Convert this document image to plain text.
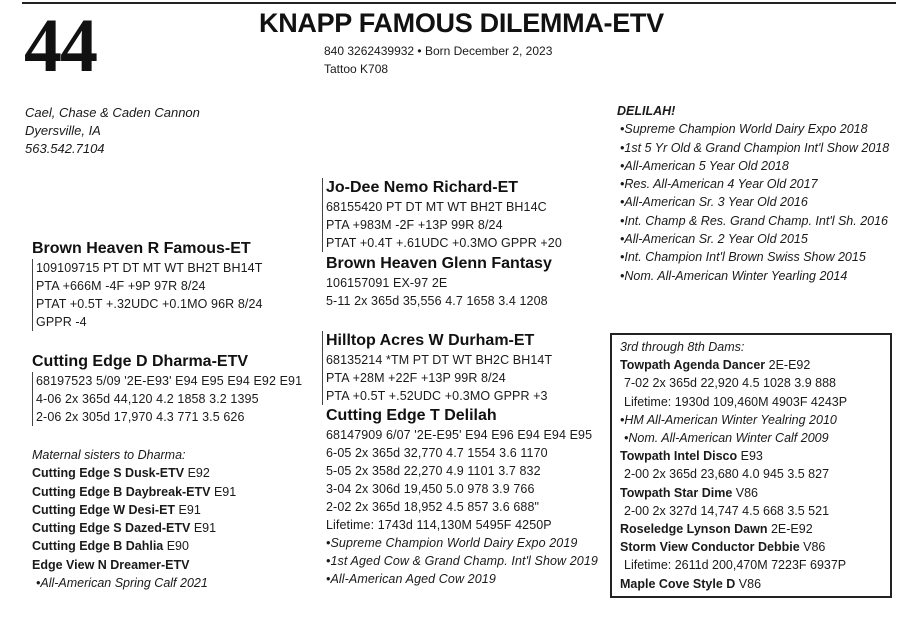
44	KNAPP FAMOUS DILEMMA-ETV
840 3262439932 • Born December 2, 2023
Tattoo K708
Cael, Chase & Caden Cannon
Dyersville, IA
563.542.7104
Brown Heaven R Famous-ET
109109715 PT DT MT WT BH2T BH14T
PTA +666M -4F +9P 97R 8/24
PTAT +0.5T +.32UDC +0.1MO 96R 8/24
GPPR -4
Cutting Edge D Dharma-ETV
68197523 5/09 '2E-E93' E94 E95 E94 E92 E91
4-06 2x 365d 44,120 4.2 1858 3.2 1395
2-06 2x 305d 17,970 4.3 771 3.5 626
Maternal sisters to Dharma:
Cutting Edge S Dusk-ETV E92
Cutting Edge B Daybreak-ETV E91
Cutting Edge W Desi-ET E91
Cutting Edge S Dazed-ETV E91
Cutting Edge B Dahlia E90
Edge View N Dreamer-ETV
•All-American Spring Calf 2021
Jo-Dee Nemo Richard-ET
68155420 PT DT MT WT BH2T BH14C
PTA +983M -2F +13P 99R 8/24
PTAT +0.4T +.61UDC +0.3MO GPPR +20
Brown Heaven Glenn Fantasy
106157091 EX-97 2E
5-11 2x 365d 35,556 4.7 1658 3.4 1208
Hilltop Acres W Durham-ET
68135214 *TM PT DT WT BH2C BH14T
PTA +28M +22F +13P 99R 8/24
PTA +0.5T +.52UDC +0.3MO GPPR +3
Cutting Edge T Delilah
68147909 6/07 '2E-E95' E94 E96 E94 E94 E95
6-05 2x 365d 32,770 4.7 1554 3.6 1170
5-05 2x 358d 22,270 4.9 1101 3.7 832
3-04 2x 306d 19,450 5.0 978 3.9 766
2-02 2x 365d 18,952 4.5 857 3.6 688"
Lifetime: 1743d 114,130M 5495F 4250P
•Supreme Champion World Dairy Expo 2019
•1st Aged Cow & Grand Champ. Int'l Show 2019
•All-American Aged Cow 2019
DELILAH!
•Supreme Champion World Dairy Expo 2018
•1st 5 Yr Old & Grand Champion Int'l Show 2018
•All-American 5 Year Old 2018
•Res. All-American 4 Year Old 2017
•All-American Sr. 3 Year Old 2016
•Int. Champ & Res. Grand Champ. Int'l Sh. 2016
•All-American Sr. 2 Year Old 2015
•Int. Champion Int'l Brown Swiss Show 2015
•Nom. All-American Winter Yearling 2014
3rd through 8th Dams:
Towpath Agenda Dancer 2E-E92
7-02 2x 365d 22,920 4.5 1028 3.9 888
Lifetime: 1930d 109,460M 4903F 4243P
•HM All-American Winter Yealring 2010
•Nom. All-American Winter Calf 2009
Towpath Intel Disco E93
2-00 2x 365d 23,680 4.0 945 3.5 827
Towpath Star Dime V86
2-00 2x 327d 14,747 4.5 668 3.5 521
Roseledge Lynson Dawn 2E-E92
Storm View Conductor Debbie V86
Lifetime: 2611d 200,470M 7223F 6937P
Maple Cove Style D V86
